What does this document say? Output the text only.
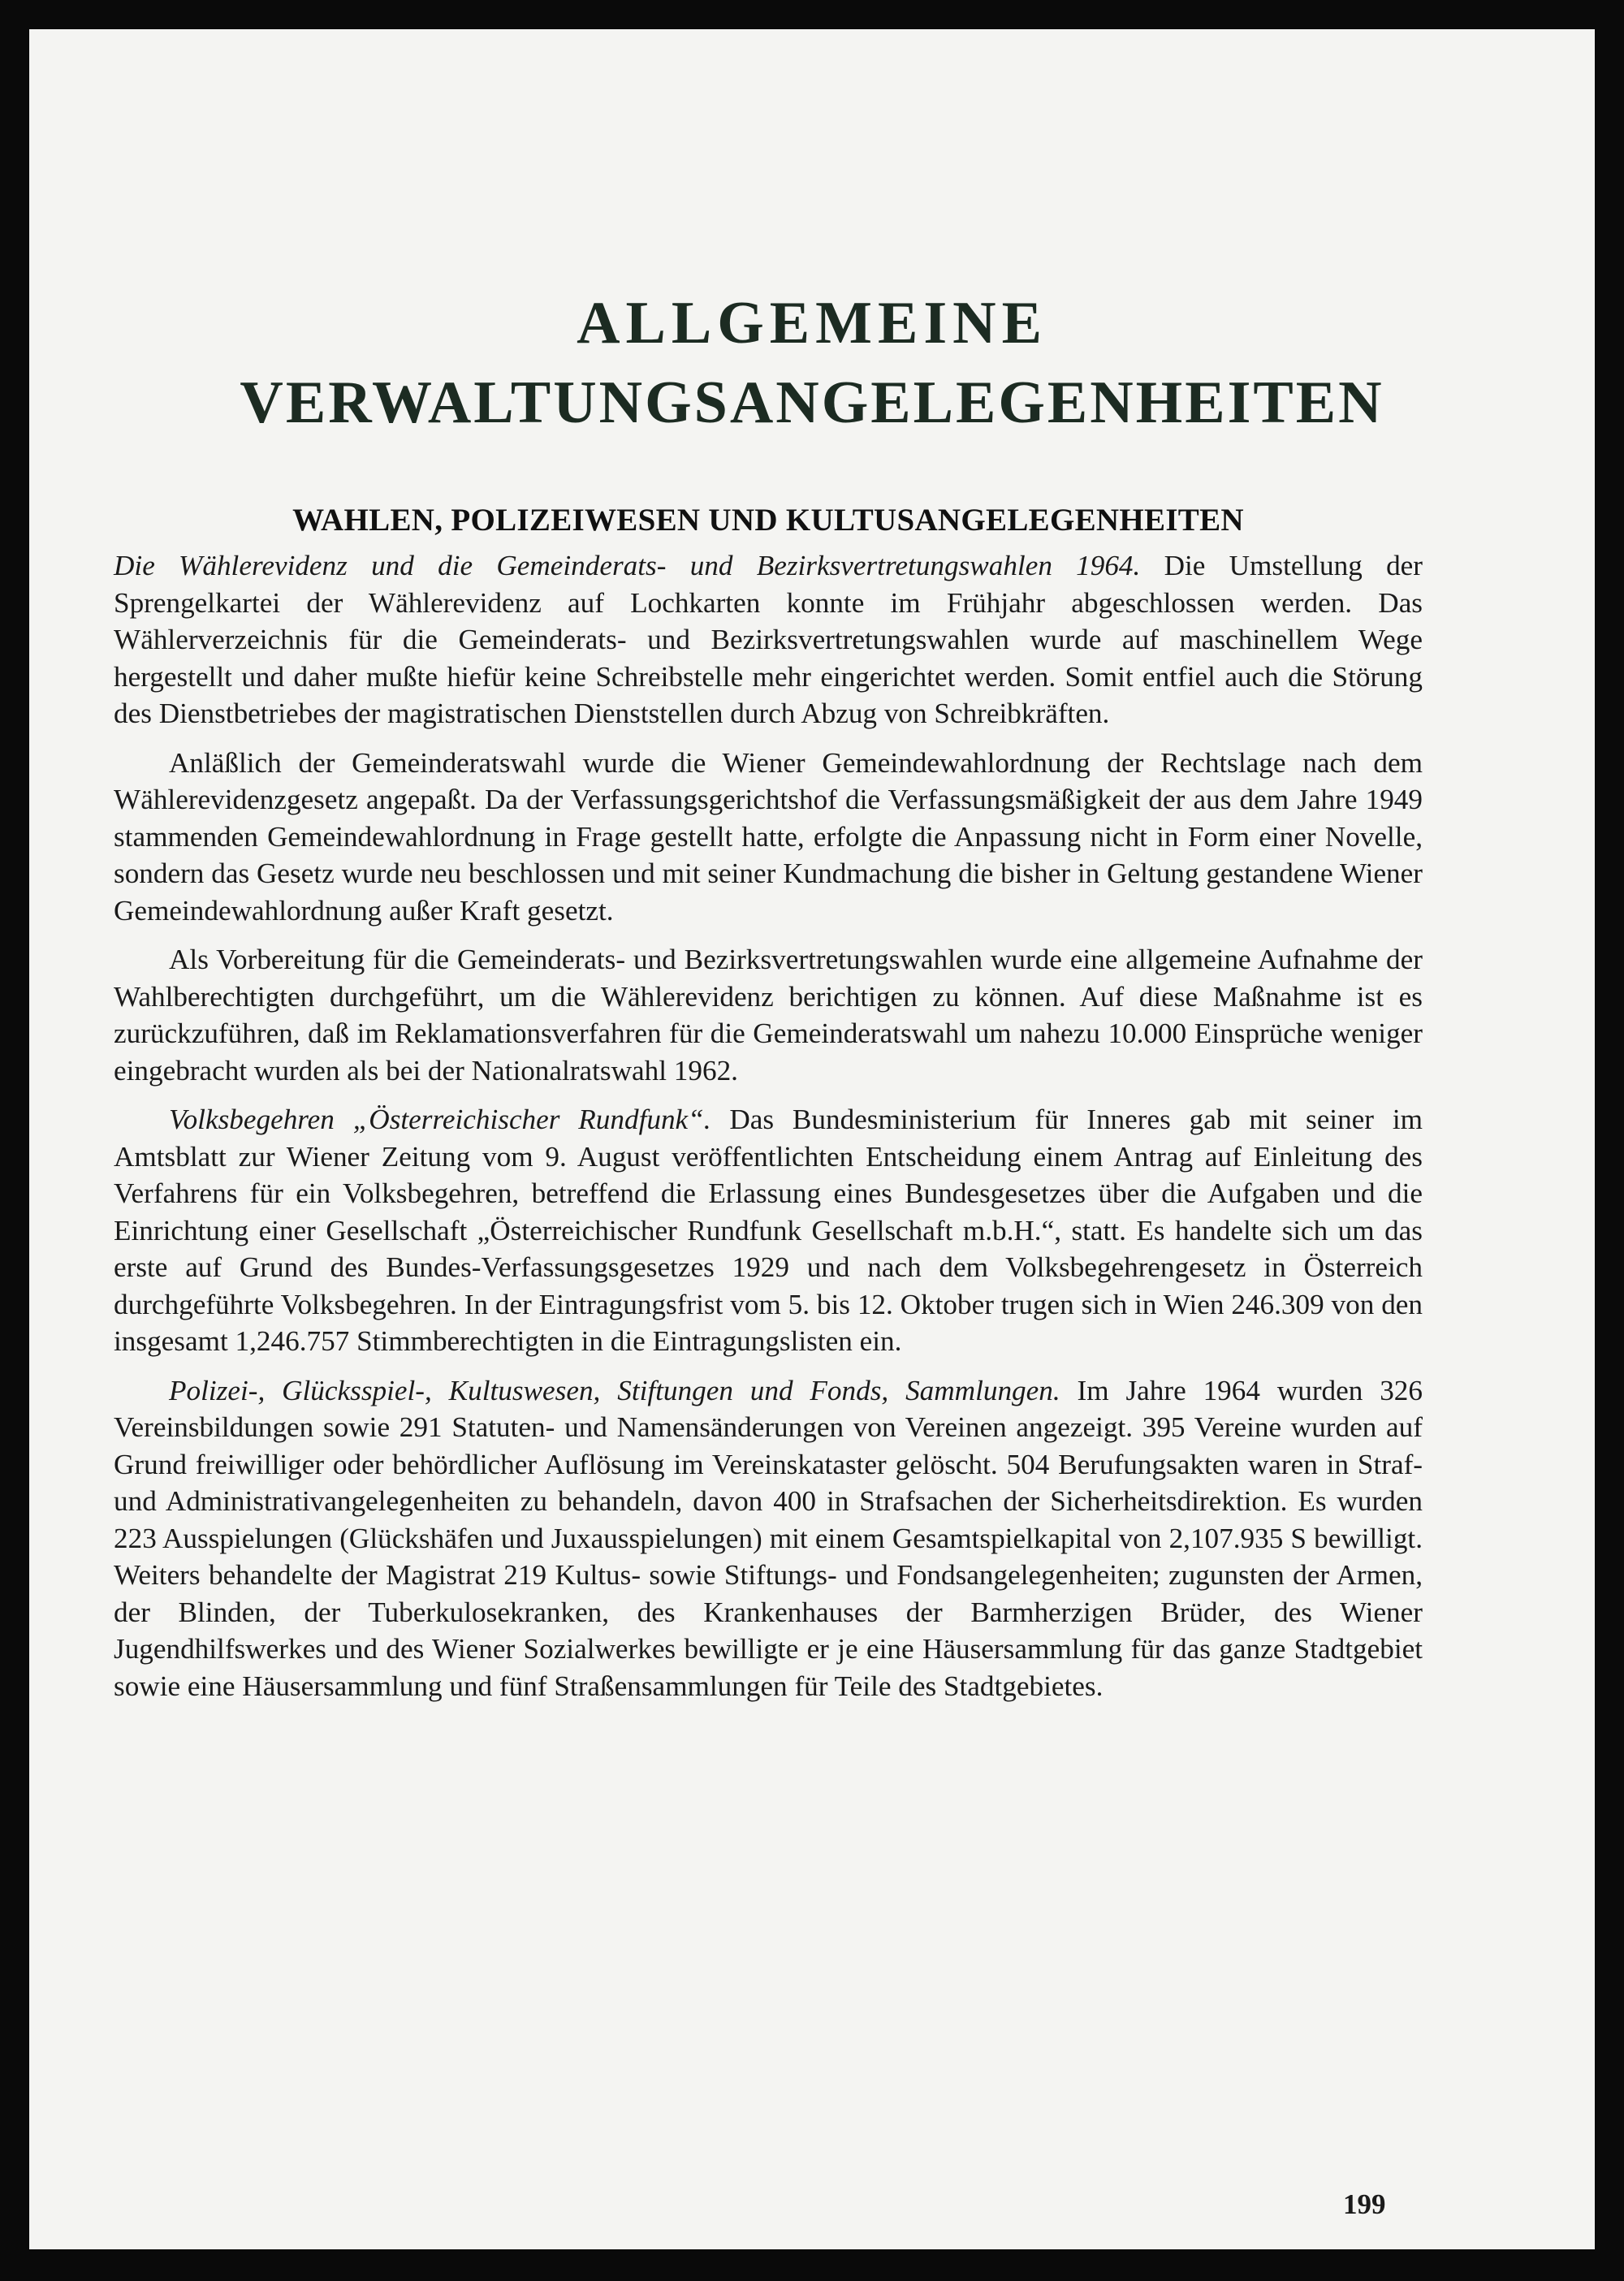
ALLGEMEINE
VERWALTUNGSANGELEGENHEITEN
WAHLEN, POLIZEIWESEN UND KULTUSANGELEGENHEITEN

Die Wählerevidenz und die Gemeinderats- und Bezirksvertretungswahlen 1964. Die Umstellung der Sprengelkartei der Wählerevidenz auf Lochkarten konnte im Frühjahr abgeschlossen werden. Das Wählerverzeichnis für die Gemeinderats- und Bezirksvertretungswahlen wurde auf maschinellem Wege hergestellt und daher mußte hiefür keine Schreibstelle mehr eingerichtet werden. Somit entfiel auch die Störung des Dienstbetriebes der magistratischen Dienststellen durch Abzug von Schreibkräften.

Anläßlich der Gemeinderatswahl wurde die Wiener Gemeindewahlordnung der Rechtslage nach dem Wählerevidenzgesetz angepaßt. Da der Verfassungsgerichtshof die Verfassungsmäßigkeit der aus dem Jahre 1949 stammenden Gemeindewahlordnung in Frage gestellt hatte, erfolgte die Anpassung nicht in Form einer Novelle, sondern das Gesetz wurde neu beschlossen und mit seiner Kundmachung die bisher in Geltung gestandene Wiener Gemeindewahlordnung außer Kraft gesetzt.

Als Vorbereitung für die Gemeinderats- und Bezirksvertretungswahlen wurde eine allgemeine Aufnahme der Wahlberechtigten durchgeführt, um die Wählerevidenz berichtigen zu können. Auf diese Maßnahme ist es zurückzuführen, daß im Reklamationsverfahren für die Gemeinderatswahl um nahezu 10.000 Einsprüche weniger eingebracht wurden als bei der Nationalratswahl 1962.

Volksbegehren „Österreichischer Rundfunk“. Das Bundesministerium für Inneres gab mit seiner im Amtsblatt zur Wiener Zeitung vom 9. August veröffentlichten Entscheidung einem Antrag auf Einleitung des Verfahrens für ein Volksbegehren, betreffend die Erlassung eines Bundesgesetzes über die Aufgaben und die Einrichtung einer Gesellschaft „Österreichischer Rundfunk Gesellschaft m.b.H.“, statt. Es handelte sich um das erste auf Grund des Bundes-Verfassungsgesetzes 1929 und nach dem Volksbegehrengesetz in Österreich durchgeführte Volksbegehren. In der Eintragungsfrist vom 5. bis 12. Oktober trugen sich in Wien 246.309 von den insgesamt 1,246.757 Stimmberechtigten in die Eintragungslisten ein.

Polizei-, Glücksspiel-, Kultuswesen, Stiftungen und Fonds, Sammlungen. Im Jahre 1964 wurden 326 Vereinsbildungen sowie 291 Statuten- und Namensänderungen von Vereinen angezeigt. 395 Vereine wurden auf Grund freiwilliger oder behördlicher Auflösung im Vereinskataster gelöscht. 504 Berufungsakten waren in Straf- und Administrativangelegenheiten zu behandeln, davon 400 in Strafsachen der Sicherheitsdirektion. Es wurden 223 Ausspielungen (Glückshäfen und Juxausspielungen) mit einem Gesamtspielkapital von 2,107.935 S bewilligt. Weiters behandelte der Magistrat 219 Kultus- sowie Stiftungs- und Fondsangelegenheiten; zugunsten der Armen, der Blinden, der Tuberkulosekranken, des Krankenhauses der Barmherzigen Brüder, des Wiener Jugendhilfswerkes und des Wiener Sozialwerkes bewilligte er je eine Häusersammlung für das ganze Stadtgebiet sowie eine Häusersammlung und fünf Straßensammlungen für Teile des Stadtgebietes.

199
